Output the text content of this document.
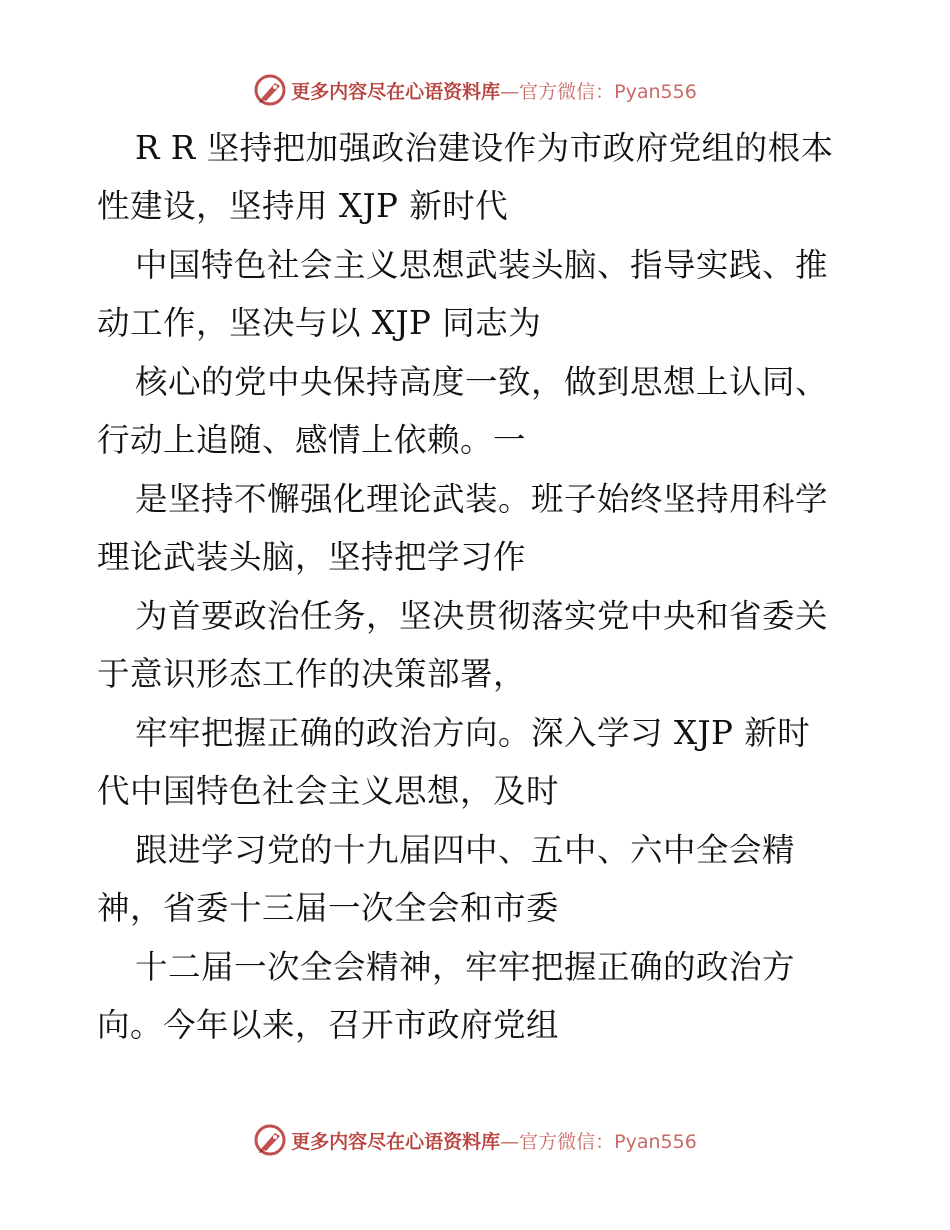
更多内容尽在心语资料库—官方微信：Pyan556
R R 坚持把加强政治建设作为市政府党组的根本
性建设，坚持用 XJP 新时代
中国特色社会主义思想武装头脑、指导实践、推
动工作，坚决与以 XJP 同志为
核心的党中央保持高度一致，做到思想上认同、
行动上追随、感情上依赖。一
是坚持不懈强化理论武装。班子始终坚持用科学
理论武装头脑，坚持把学习作
为首要政治任务，坚决贯彻落实党中央和省委关
于意识形态工作的决策部署，
牢牢把握正确的政治方向。深入学习 XJP 新时
代中国特色社会主义思想，及时
跟进学习党的十九届四中、五中、六中全会精
神，省委十三届一次全会和市委
十二届一次全会精神，牢牢把握正确的政治方
向。今年以来，召开市政府党组
更多内容尽在心语资料库—官方微信：Pyan556
